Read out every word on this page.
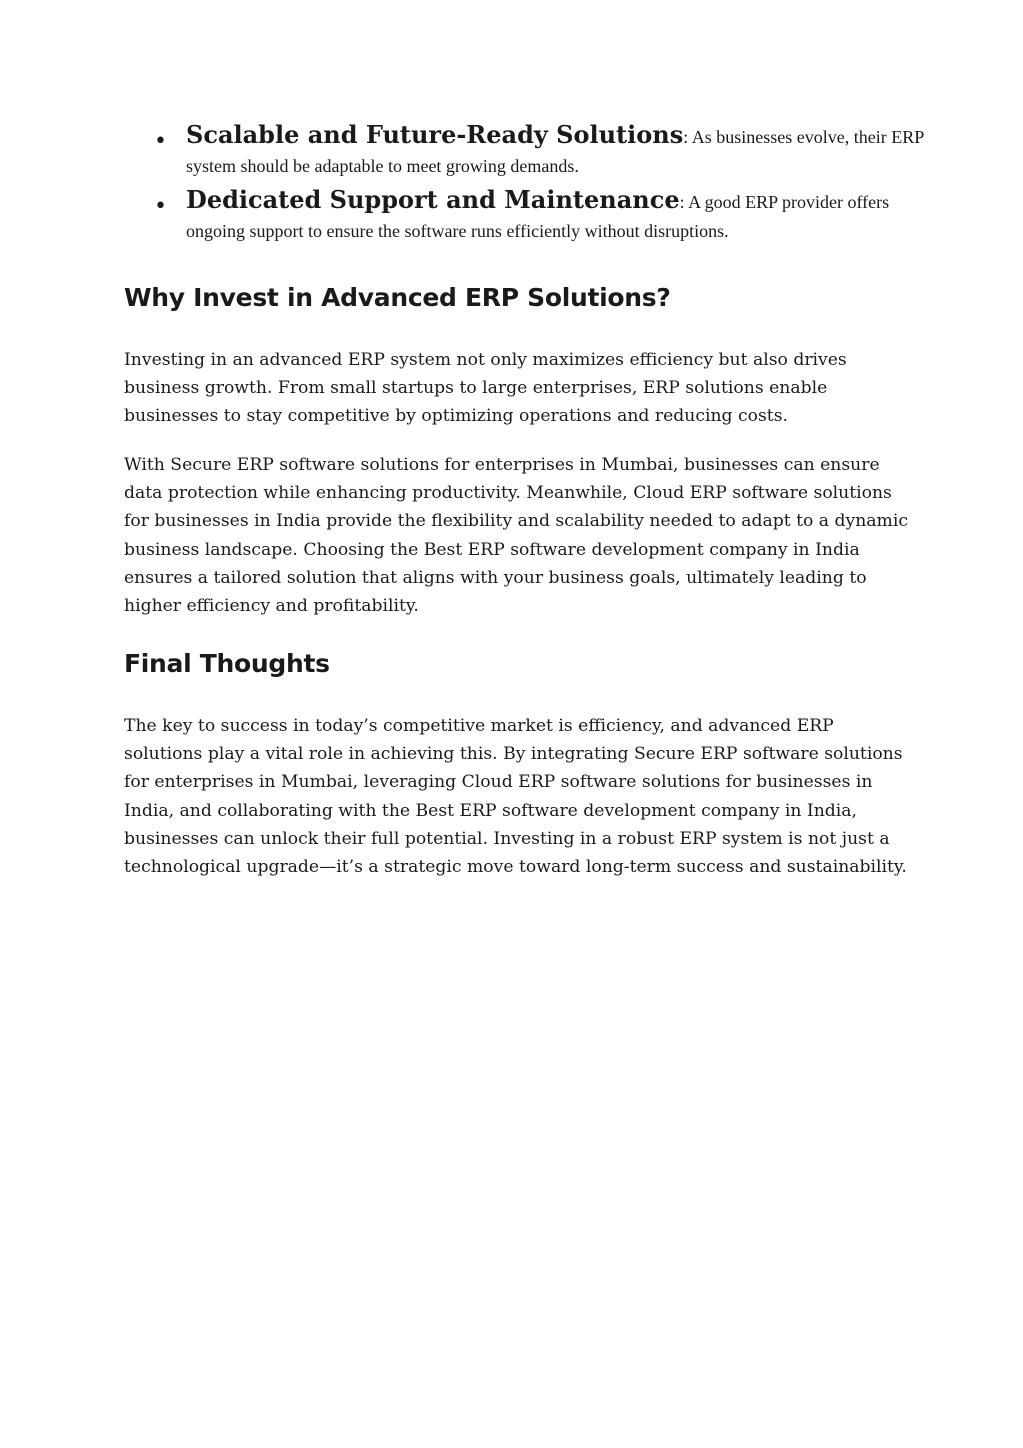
• Scalable and Future-Ready Solutions: As businesses evolve, their ERP system should be adaptable to meet growing demands.
• Dedicated Support and Maintenance: A good ERP provider offers ongoing support to ensure the software runs efficiently without disruptions.
Why Invest in Advanced ERP Solutions?

Investing in an advanced ERP system not only maximizes efficiency but also drives business growth. From small startups to large enterprises, ERP solutions enable businesses to stay competitive by optimizing operations and reducing costs.

With Secure ERP software solutions for enterprises in Mumbai, businesses can ensure data protection while enhancing productivity. Meanwhile, Cloud ERP software solutions for businesses in India provide the flexibility and scalability needed to adapt to a dynamic business landscape. Choosing the Best ERP software development company in India ensures a tailored solution that aligns with your business goals, ultimately leading to higher efficiency and profitability.

Final Thoughts

The key to success in today’s competitive market is efficiency, and advanced ERP solutions play a vital role in achieving this. By integrating Secure ERP software solutions for enterprises in Mumbai, leveraging Cloud ERP software solutions for businesses in India, and collaborating with the Best ERP software development company in India, businesses can unlock their full potential. Investing in a robust ERP system is not just a technological upgrade—it’s a strategic move toward long-term success and sustainability.
